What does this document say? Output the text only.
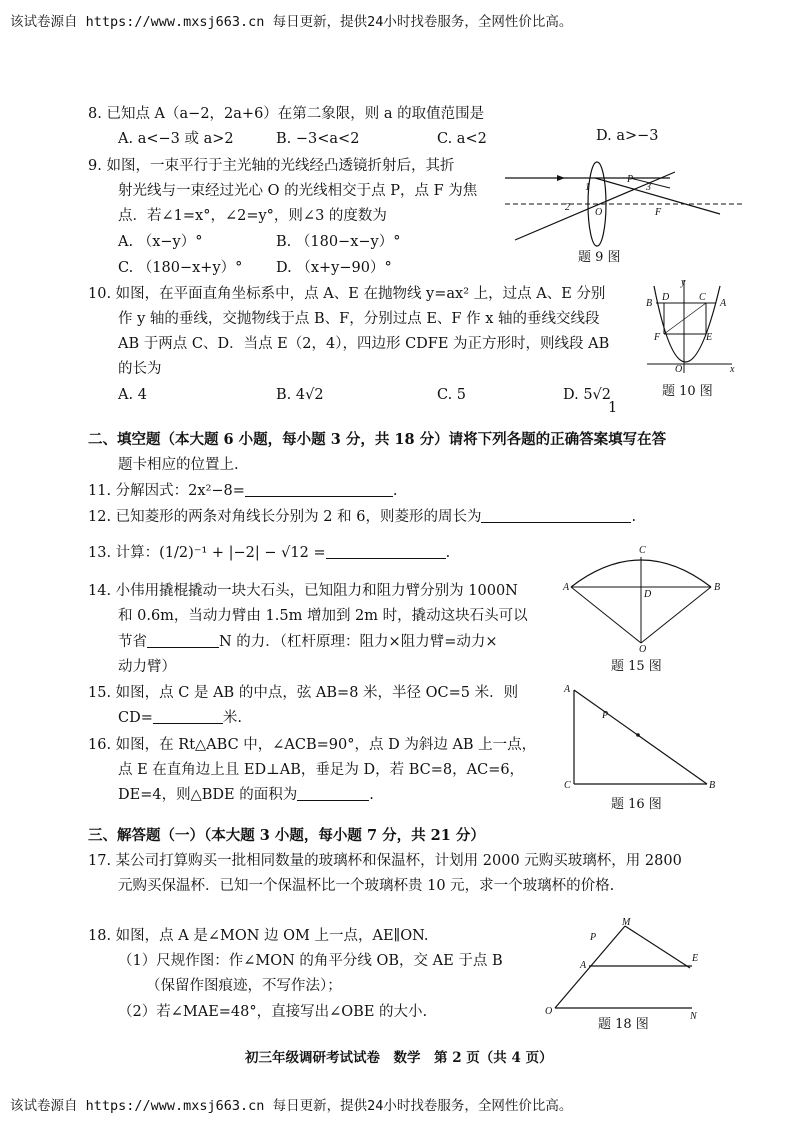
该试卷源自 https://www.mxsj663.cn 每日更新，提供24小时找卷服务，全网性价比高。
8. 已知点 A（a−2，2a+6）在第二象限，则 a 的取值范围是
A. a<−3 或 a>2	B. −3<a<2	C. a<2	D. a>−3
9. 如图，一束平行于主光轴的光线经凸透镜折射后，其折
射光线与一束经过光心 O 的光线相交于点 P，点 F 为焦
点．若∠1=x°，∠2=y°，则∠3 的度数为
A. （x−y）°	B. （180−x−y）°
C. （180−x+y）° D. （x+y−90）°
1
2
3
P
O	F
题 9 图
10. 如图，在平面直角坐标系中，点 A、E 在抛物线 y=ax² 上，过点 A、E 分别
作 y 轴的垂线，交抛物线于点 B、F，分别过点 E、F 作 x 轴的垂线交线段
AB 于两点 C、D．当点 E（2，4），四边形 CDFE 为正方形时，则线段 AB
的长为
A. 4	B. 4√2	C. 5	D. 5√2
1
y
x
O
B
D	C
A
F	E
题 10 图
二、填空题（本大题 6 小题，每小题 3 分，共 18 分）请将下列各题的正确答案填写在答
题卡相应的位置上.
11. 分解因式：2x²−8=	.
12. 已知菱形的两条对角线长分别为 2 和 6，则菱形的周长为	.
13. 计算：(1/2)⁻¹ + |−2| − √12 =	.
14. 小伟用撬棍撬动一块大石头，已知阻力和阻力臂分别为 1000N
和 0.6m，当动力臂由 1.5m 增加到 2m 时，撬动这块石头可以
节省	N 的力．（杠杆原理：阻力×阻力臂=动力×
动力臂）
C
A	B
D
O
题 15 图
15. 如图，点 C 是 AB 的中点，弦 AB=8 米，半径 OC=5 米．则
CD=	米.
16. 如图，在 Rt△ABC 中，∠ACB=90°，点 D 为斜边 AB 上一点，
点 E 在直角边上且 ED⊥AB，垂足为 D，若 BC=8，AC=6，
DE=4，则△BDE 的面积为	.
A
C	B
P
题 16 图
三、解答题（一）（本大题 3 小题，每小题 7 分，共 21 分）
17. 某公司打算购买一批相同数量的玻璃杯和保温杯，计划用 2000 元购买玻璃杯，用 2800
元购买保温杯．已知一个保温杯比一个玻璃杯贵 10 元，求一个玻璃杯的价格.
18. 如图，点 A 是∠MON 边 OM 上一点，AE∥ON.
（1）尺规作图：作∠MON 的角平分线 OB，交 AE 于点 B
（保留作图痕迹，不写作法）；
（2）若∠MAE=48°，直接写出∠OBE 的大小.
M
A
E
O	N
P
题 18 图
初三年级调研考试试卷　数学　第 2 页（共 4 页）
该试卷源自 https://www.mxsj663.cn 每日更新，提供24小时找卷服务，全网性价比高。
